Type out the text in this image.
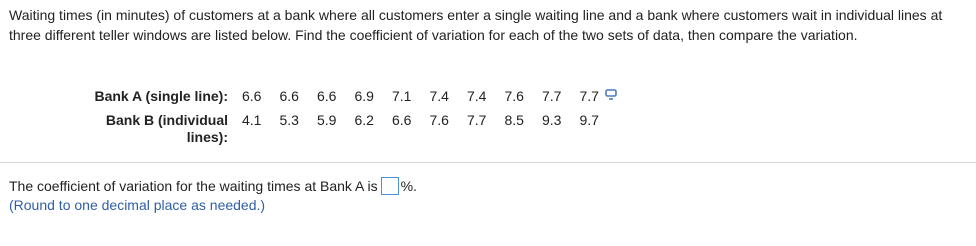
Waiting times (in minutes) of customers at a bank where all customers enter a single waiting line and a bank where customers wait in individual lines at three different teller windows are listed below. Find the coefficient of variation for each of the two sets of data, then compare the variation.
Bank A (single line):	6.6	6.6	6.6	6.9	7.1	7.4	7.4	7.6	7.7	7.7
Bank B (individual lines):	4.1	5.3	5.9	6.2	6.6	7.6	7.7	8.5	9.3	9.7
The coefficient of variation for the waiting times at Bank A is %.
(Round to one decimal place as needed.)
